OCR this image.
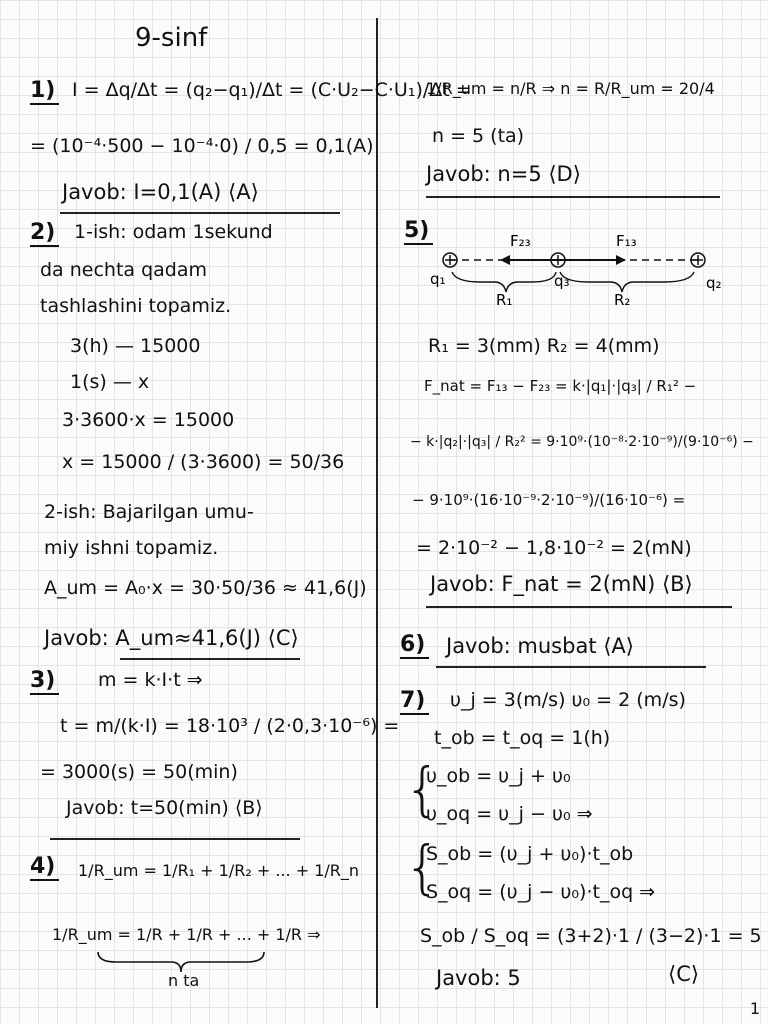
9-sinf
1) I = Δq/Δt = (q₂−q₁)/Δt = (C·U₂−C·U₁)/Δt =
= (10⁻⁴·500 − 10⁻⁴·0) / 0,5 = 0,1(A)
Javob: I=0,1(A) ⟨A⟩
2) 1-ish: odam 1sekund
da nechta qadam
tashlashini topamiz.
3(h) — 15000
1(s) — x
3·3600·x = 15000
x = 15000 / (3·3600) = 50/36
2-ish: Bajarilgan umu-
miy ishni topamiz.
A_um = A₀·x = 30·50/36 ≈ 41,6(J)
Javob: A_um≈41,6(J) ⟨C⟩
3) m = k·I·t ⇒
t = m/(k·I) = 18·10³ / (2·0,3·10⁻⁶) =
= 3000(s) = 50(min)
Javob: t=50(min) ⟨B⟩
4) 1/R_um = 1/R₁ + 1/R₂ + ... + 1/R_n
1/R_um = 1/R + 1/R + ... + 1/R ⇒
n ta
1/R_um = n/R ⇒ n = R/R_um = 20/4
n = 5 (ta)
Javob: n=5 ⟨D⟩
5)	F₂₃	F₁₃
q₁	q₃	q₂
R₁	R₂
R₁ = 3(mm) R₂ = 4(mm)
F_nat = F₁₃ − F₂₃ = k·|q₁|·|q₃| / R₁² −
− k·|q₂|·|q₃| / R₂² = 9·10⁹·(10⁻⁸·2·10⁻⁹)/(9·10⁻⁶) −
− 9·10⁹·(16·10⁻⁹·2·10⁻⁹)/(16·10⁻⁶) =
= 2·10⁻² − 1,8·10⁻² = 2(mN)
Javob: F_nat = 2(mN) ⟨B⟩
6) Javob: musbat ⟨A⟩
7) υ_j = 3(m/s) υ₀ = 2 (m/s)
t_ob = t_oq = 1(h)
{
υ_ob = υ_j + υ₀
υ_oq = υ_j − υ₀ ⇒
{
S_ob = (υ_j + υ₀)·t_ob
S_oq = (υ_j − υ₀)·t_oq ⇒
S_ob / S_oq = (3+2)·1 / (3−2)·1 = 5
Javob: 5	⟨C⟩
1
